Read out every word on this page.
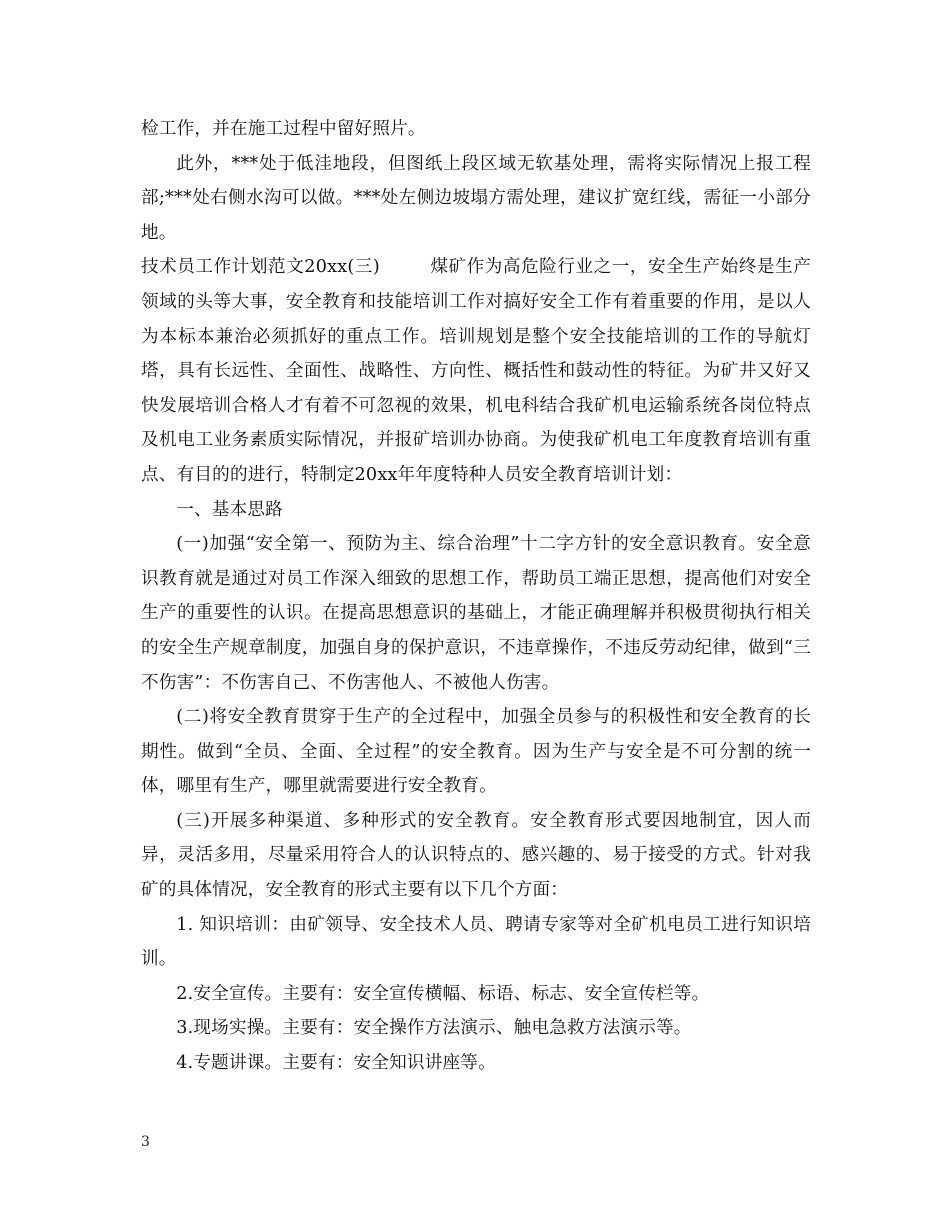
检工作，并在施工过程中留好照片。

此外，***处于低洼地段，但图纸上段区域无软基处理，需将实际情况上报工程部;***处右侧水沟可以做。***处左侧边坡塌方需处理，建议扩宽红线，需征一小部分地。

技术员工作计划范文20xx(三)	煤矿作为高危险行业之一，安全生产始终是生产领域的头等大事，安全教育和技能培训工作对搞好安全工作有着重要的作用，是以人为本标本兼治必须抓好的重点工作。培训规划是整个安全技能培训的工作的导航灯塔，具有长远性、全面性、战略性、方向性、概括性和鼓动性的特征。为矿井又好又快发展培训合格人才有着不可忽视的效果，机电科结合我矿机电运输系统各岗位特点及机电工业务素质实际情况，并报矿培训办协商。为使我矿机电工年度教育培训有重点、有目的的进行，特制定20xx年年度特种人员安全教育培训计划：

一、基本思路

(一)加强“安全第一、预防为主、综合治理”十二字方针的安全意识教育。安全意识教育就是通过对员工作深入细致的思想工作，帮助员工端正思想，提高他们对安全生产的重要性的认识。在提高思想意识的基础上，才能正确理解并积极贯彻执行相关的安全生产规章制度，加强自身的保护意识，不违章操作，不违反劳动纪律，做到“三不伤害”：不伤害自己、不伤害他人、不被他人伤害。

(二)将安全教育贯穿于生产的全过程中，加强全员参与的积极性和安全教育的长期性。做到“全员、全面、全过程”的安全教育。因为生产与安全是不可分割的统一体，哪里有生产，哪里就需要进行安全教育。

(三)开展多种渠道、多种形式的安全教育。安全教育形式要因地制宜，因人而异，灵活多用，尽量采用符合人的认识特点的、感兴趣的、易于接受的方式。针对我矿的具体情况，安全教育的形式主要有以下几个方面：

1. 知识培训：由矿领导、安全技术人员、聘请专家等对全矿机电员工进行知识培训。

2.安全宣传。主要有：安全宣传横幅、标语、标志、安全宣传栏等。

3.现场实操。主要有：安全操作方法演示、触电急救方法演示等。

4.专题讲课。主要有：安全知识讲座等。

3
